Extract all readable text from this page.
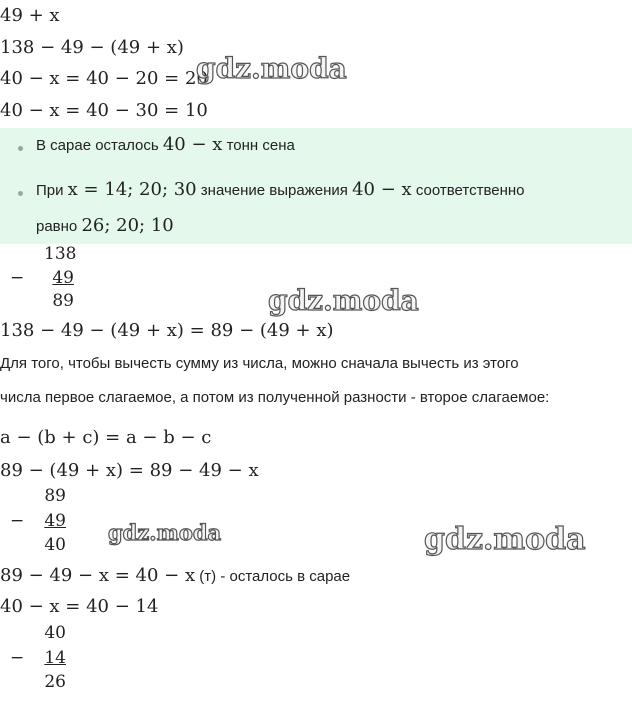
49 + x
138 − 49 − (49 + x)
40 − x = 40 − 20 = 20
40 − x = 40 − 30 = 10
В сарае осталось 40 − x тонн сена
При x = 14; 20; 30 значение выражения 40 − x соответственно
равно 26; 20; 10
138
−	49
89
138 − 49 − (49 + x) = 89 − (49 + x)
Для того, чтобы вычесть сумму из числа, можно сначала вычесть из этого
числа первое слагаемое, а потом из полученной разности - второе слагаемое:
a − (b + c) = a − b − c
89 − (49 + x) = 89 − 49 − x
89
−	49
40
89 − 49 − x = 40 − x (т) - осталось в сарае
40 − x = 40 − 14
40
−	14
26
gdz.moda
gdz.moda
gdz.moda	gdz.moda
